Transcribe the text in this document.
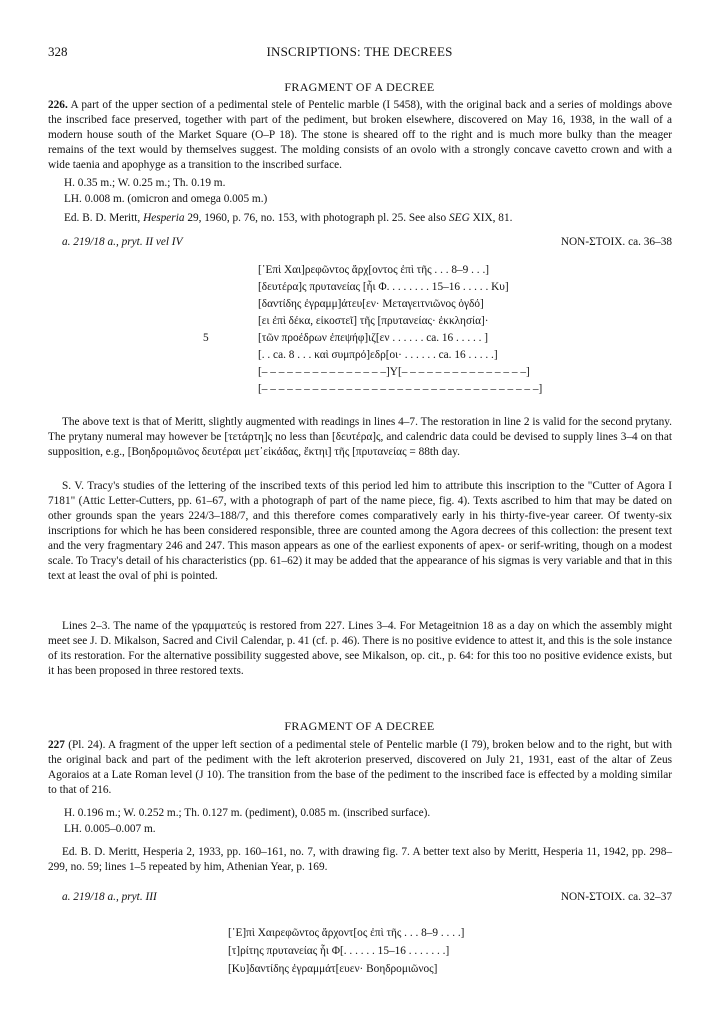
328	INSCRIPTIONS: THE DECREES
FRAGMENT OF A DECREE

226. A part of the upper section of a pedimental stele of Pentelic marble (I 5458), with the original back and a series of moldings above the inscribed face preserved, together with part of the pediment, but broken elsewhere, discovered on May 16, 1938, in the wall of a modern house south of the Market Square (O–P 18). The stone is sheared off to the right and is much more bulky than the meager remains of the text would by themselves suggest. The molding consists of an ovolo with a strongly concave cavetto crown and with a wide taenia and apophyge as a transition to the inscribed surface.

H. 0.35 m.; W. 0.25 m.; Th. 0.19 m.
LH. 0.008 m. (omicron and omega 0.005 m.)
Ed. B. D. Meritt, Hesperia 29, 1960, p. 76, no. 153, with photograph pl. 25. See also SEG XIX, 81.
a. 219/18 a., pryt. II vel IV	NON-ΣΤΟΙΧ. ca. 36–38
5
[᾿Επὶ Χαι]ρεφῶντος ἄρχ[οντος ἐπὶ τῆς . . . 8–9 . . .]
[δευτέρα]ς πρυτανείας [ἧι Φ. . . . . . . . 15–16 . . . . . Κυ]
[δαντίδης ἐγραμμ]άτευ[εν· Μεταγειτνιῶνος ὀγδό]
[ει ἐπὶ δέκα, εἰκοστεῖ] τῆς [πρυτανείας· ἐκκλησία]·
[τῶν προέδρων ἐπεψήφ]ιζ[εν . . . . . . ca. 16 . . . . . ]
[. . ca. 8 . . . καὶ συμπρό]εδρ[οι· . . . . . . ca. 16 . . . . .]
[– – – – – – – – – – – – – – –]Υ[– – – – – – – – – – – – – – –]
[– – – – – – – – – – – – – – – – – – – – – – – – – – – – – – – – –]

The above text is that of Meritt, slightly augmented with readings in lines 4–7. The restoration in line 2 is valid for the second prytany. The prytany numeral may however be [τετάρτη]ς no less than [δευτέρα]ς, and calendric data could be devised to supply lines 3–4 on that supposition, e.g., [Βοηδρομιῶνος δευτέραι μετ᾿εἰκάδας, ἕκτηι] τῆς [πρυτανείας = 88th day.

S. V. Tracy's studies of the lettering of the inscribed texts of this period led him to attribute this inscription to the "Cutter of Agora I 7181" (Attic Letter-Cutters, pp. 61–67, with a photograph of part of the name piece, fig. 4). Texts ascribed to him that may be dated on other grounds span the years 224/3–188/7, and this therefore comes comparatively early in his thirty-five-year career. Of twenty-six inscriptions for which he has been considered responsible, three are counted among the Agora decrees of this collection: the present text and the very fragmentary 246 and 247. This mason appears as one of the earliest exponents of apex- or serif-writing, though on a modest scale. To Tracy's detail of his characteristics (pp. 61–62) it may be added that the appearance of his sigmas is very variable and that in this text at least the oval of phi is pointed.

Lines 2–3. The name of the γραμματεύς is restored from 227. Lines 3–4. For Metageitnion 18 as a day on which the assembly might meet see J. D. Mikalson, Sacred and Civil Calendar, p. 41 (cf. p. 46). There is no positive evidence to attest it, and this is the sole instance of its restoration. For the alternative possibility suggested above, see Mikalson, op. cit., p. 64: for this too no positive evidence exists, but it has been proposed in three restored texts.

FRAGMENT OF A DECREE

227 (Pl. 24). A fragment of the upper left section of a pedimental stele of Pentelic marble (I 79), broken below and to the right, but with the original back and part of the pediment with the left akroterion preserved, discovered on July 21, 1931, east of the altar of Zeus Agoraios at a Late Roman level (J 10). The transition from the base of the pediment to the inscribed face is effected by a molding similar to that of 216.

H. 0.196 m.; W. 0.252 m.; Th. 0.127 m. (pediment), 0.085 m. (inscribed surface).
LH. 0.005–0.007 m.

Ed. B. D. Meritt, Hesperia 2, 1933, pp. 160–161, no. 7, with drawing fig. 7. A better text also by Meritt, Hesperia 11, 1942, pp. 298–299, no. 59; lines 1–5 repeated by him, Athenian Year, p. 169.

a. 219/18 a., pryt. III	NON-ΣΤΟΙΧ. ca. 32–37
[᾿Ε]πὶ Χαιρεφῶντος ἄρχοντ[ος ἐπὶ τῆς . . . 8–9 . . . .]
[τ]ρίτης πρυτανείας ἧι Φ[. . . . . . 15–16 . . . . . . .]
[Κυ]δαντίδης ἐγραμμάτ[ευεν· Βοηδρομιῶνος]
